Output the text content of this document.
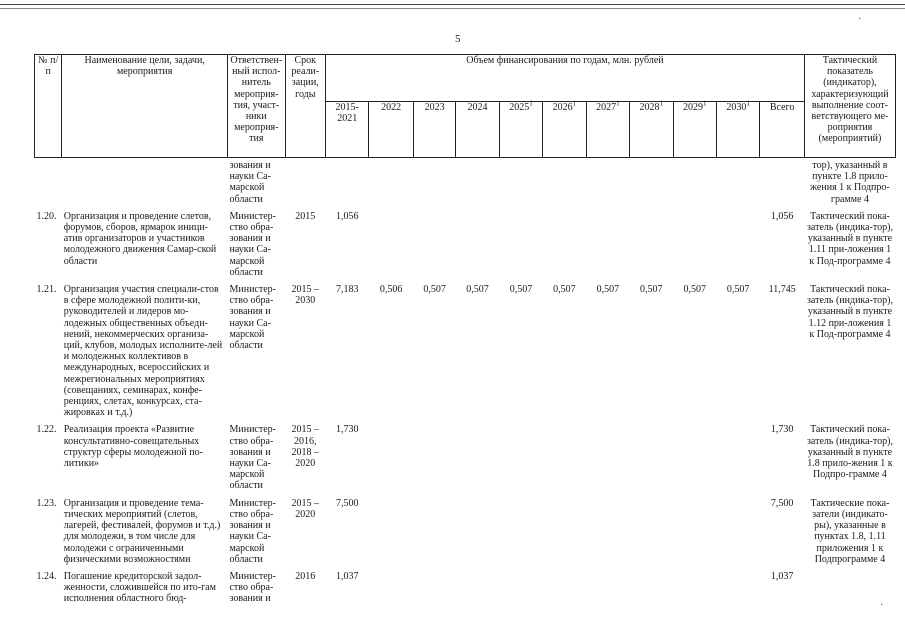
5
№ п/п	Наименование цели, задачи, мероприятия	Ответствен-ный испол-нитель мероприя-тия, участ-ники мероприя-тия	Срок реали-зации, годы	Объем финансирования по годам, млн. рублей											Тактический показатель (индикатор), характеризующий выполнение соот-ветствующего ме-роприятия (мероприятий)
				2015-2021	2022	2023	2024	2025$^1$	2026$^1$	2027$^1$	2028$^1$	2029$^1$	2030$^1$	Всего	
		зования и науки Са-марской области													тор), указанный в пункте 1.8 прило-жения 1 к Подпро-грамме 4
1.20.	Организация и проведение слетов, форумов, сборов, ярмарок иници-атив организаторов и участников молодежного движения Самар-ской области	Министер-ство обра-зования и науки Са-марской области	2015	1,056										1,056	Тактический пока-затель (индика-тор), указанный в пункте 1.11 при-ложения 1 к Под-программе 4
1.21.	Организация участия специали-стов в сфере молодежной полити-ки, руководителей и лидеров мо-лодежных общественных объеди-нений, некоммерческих организа-ций, клубов, молодых исполните-лей и молодежных коллективов в международных, всероссийских и межрегиональных мероприятиях (совещаниях, семинарах, конфе-ренциях, слетах, конкурсах, ста-жировках и т.д.)	Министер-ство обра-зования и науки Са-марской области	2015 – 2030	7,183	0,506	0,507	0,507	0,507	0,507	0,507	0,507	0,507	0,507	11,745	Тактический пока-затель (индика-тор), указанный в пункте 1.12 при-ложения 1 к Под-программе 4
1.22.	Реализация проекта «Развитие консультативно-совещательных структур сферы молодежной по-литики»	Министер-ство обра-зования и науки Са-марской области	2015 – 2016, 2018 – 2020	1,730										1,730	Тактический пока-затель (индика-тор), указанный в пункте 1.8 прило-жения 1 к Подпро-грамме 4
1.23.	Организация и проведение тема-тических мероприятий (слетов, лагерей, фестивалей, форумов и т.д.) для молодежи, в том числе для молодежи с ограниченными физическими возможностями	Министер-ство обра-зования и науки Са-марской области	2015 – 2020	7,500										7,500	Тактические пока-затели (индикато-ры), указанные в пунктах 1.8, 1.11 приложения 1 к Подпрограмме 4
1.24.	Погашение кредиторской задол-женности, сложившейся по ито-гам исполнения областного бюд-	Министер-ство обра-зования и	2016	1,037										1,037	
·
·
